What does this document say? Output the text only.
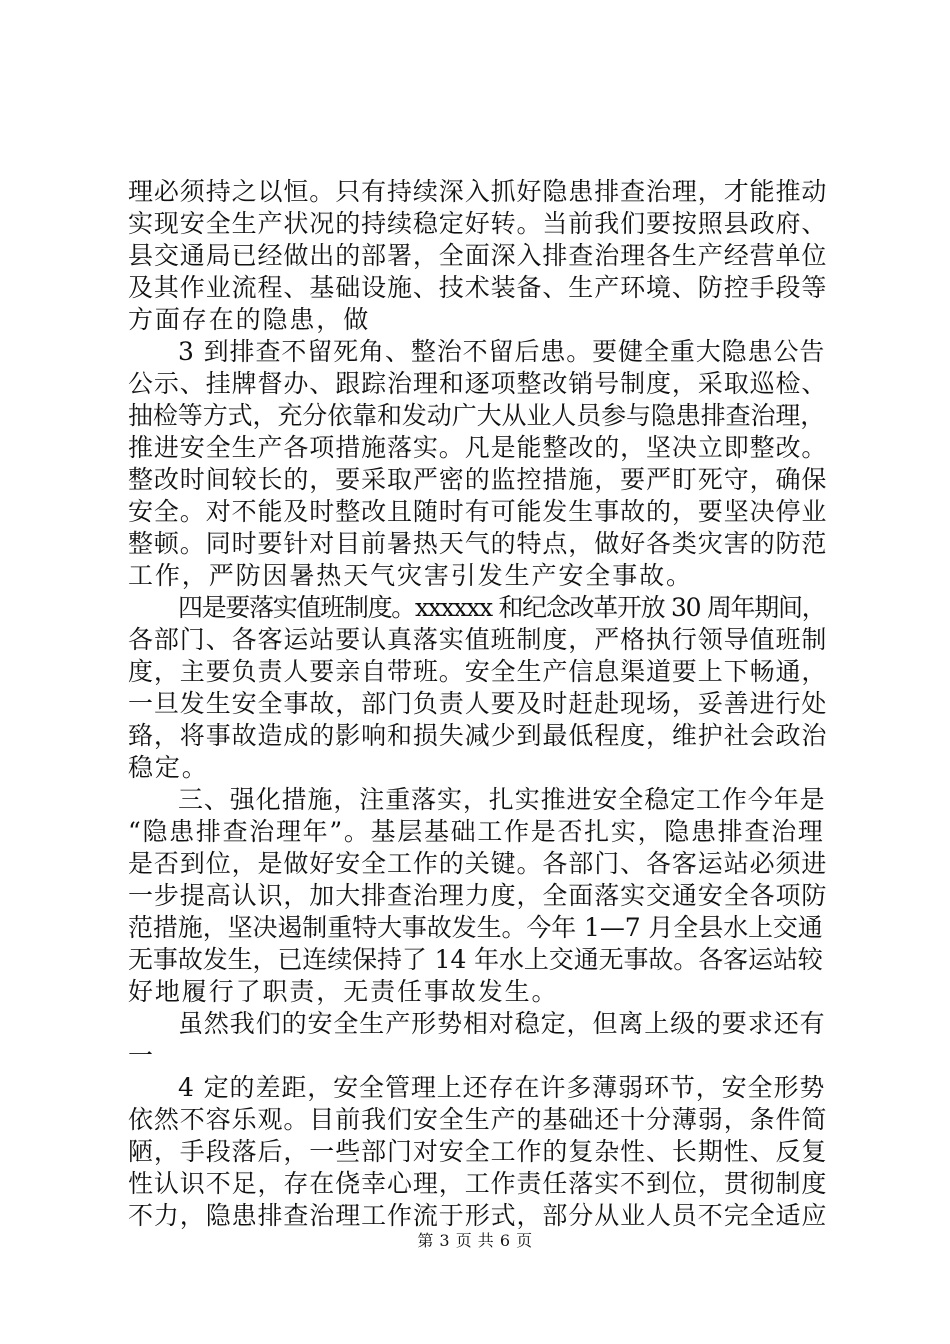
理必须持之以恒。只有持续深入抓好隐患排查治理，才能推动
实现安全生产状况的持续稳定好转。当前我们要按照县政府、
县交通局已经做出的部署，全面深入排查治理各生产经营单位
及其作业流程、基础设施、技术装备、生产环境、防控手段等
方面存在的隐患，做
3 到排查不留死角、整治不留后患。要健全重大隐患公告
公示、挂牌督办、跟踪治理和逐项整改销号制度，采取巡检、
抽检等方式，充分依靠和发动广大从业人员参与隐患排查治理，
推进安全生产各项措施落实。凡是能整改的，坚决立即整改。
整改时间较长的，要采取严密的监控措施，要严盯死守，确保
安全。对不能及时整改且随时有可能发生事故的，要坚决停业
整顿。同时要针对目前暑热天气的特点，做好各类灾害的防范
工作，严防因暑热天气灾害引发生产安全事故。
四是要落实值班制度。xxxxxx 和纪念改革开放 30 周年期间，
各部门、各客运站要认真落实值班制度，严格执行领导值班制
度，主要负责人要亲自带班。安全生产信息渠道要上下畅通，
一旦发生安全事故，部门负责人要及时赶赴现场，妥善进行处
臵，将事故造成的影响和损失减少到最低程度，维护社会政治
稳定。
三、强化措施，注重落实，扎实推进安全稳定工作今年是
“隐患排查治理年”。基层基础工作是否扎实，隐患排查治理
是否到位，是做好安全工作的关键。各部门、各客运站必须进
一步提高认识，加大排查治理力度，全面落实交通安全各项防
范措施，坚决遏制重特大事故发生。今年 1—7 月全县水上交通
无事故发生，已连续保持了 14 年水上交通无事故。各客运站较
好地履行了职责，无责任事故发生。
虽然我们的安全生产形势相对稳定，但离上级的要求还有
一
4 定的差距，安全管理上还存在许多薄弱环节，安全形势
依然不容乐观。目前我们安全生产的基础还十分薄弱，条件简
陋，手段落后，一些部门对安全工作的复杂性、长期性、反复
性认识不足，存在侥幸心理，工作责任落实不到位，贯彻制度
不力，隐患排查治理工作流于形式，部分从业人员不完全适应
第 3 页 共 6 页
